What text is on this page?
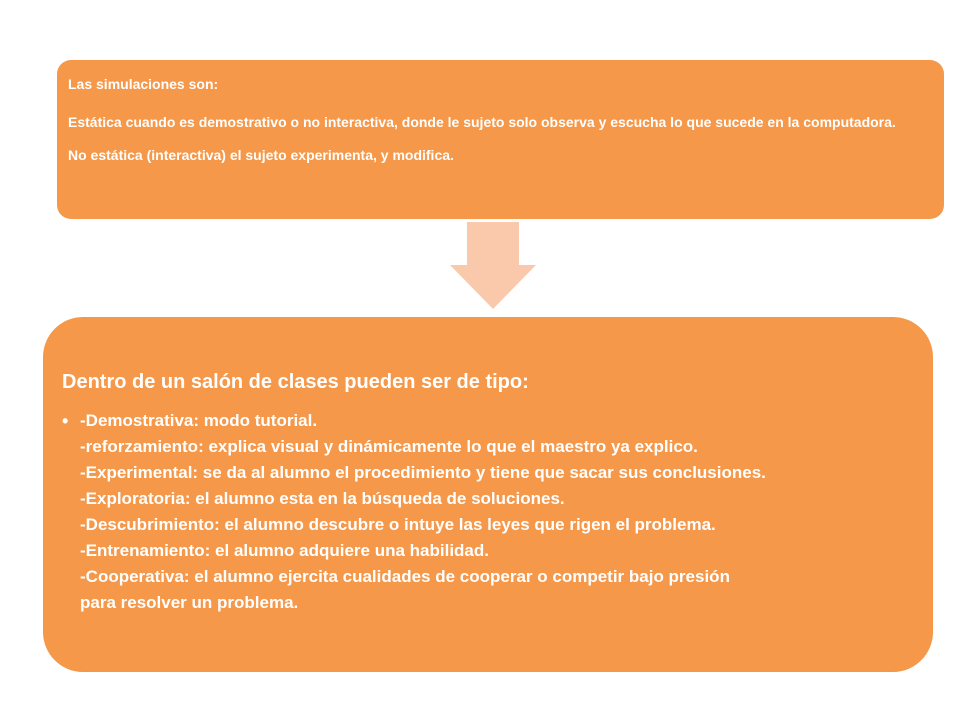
Las simulaciones son:

Estática cuando es demostrativo o no interactiva, donde le sujeto solo observa y escucha lo que sucede en la computadora.

No estática (interactiva) el sujeto experimenta, y modifica.

Dentro de un salón de clases pueden ser de tipo:

• -Demostrativa: modo tutorial.
-reforzamiento: explica visual y dinámicamente lo que el maestro ya explico.
-Experimental: se da al alumno el procedimiento y tiene que sacar sus conclusiones.
-Exploratoria: el alumno esta en la búsqueda de soluciones.
-Descubrimiento: el alumno descubre o intuye las leyes que rigen el problema.
-Entrenamiento: el alumno adquiere una habilidad.
-Cooperativa: el alumno ejercita cualidades de cooperar o competir bajo presión
para resolver un problema.
